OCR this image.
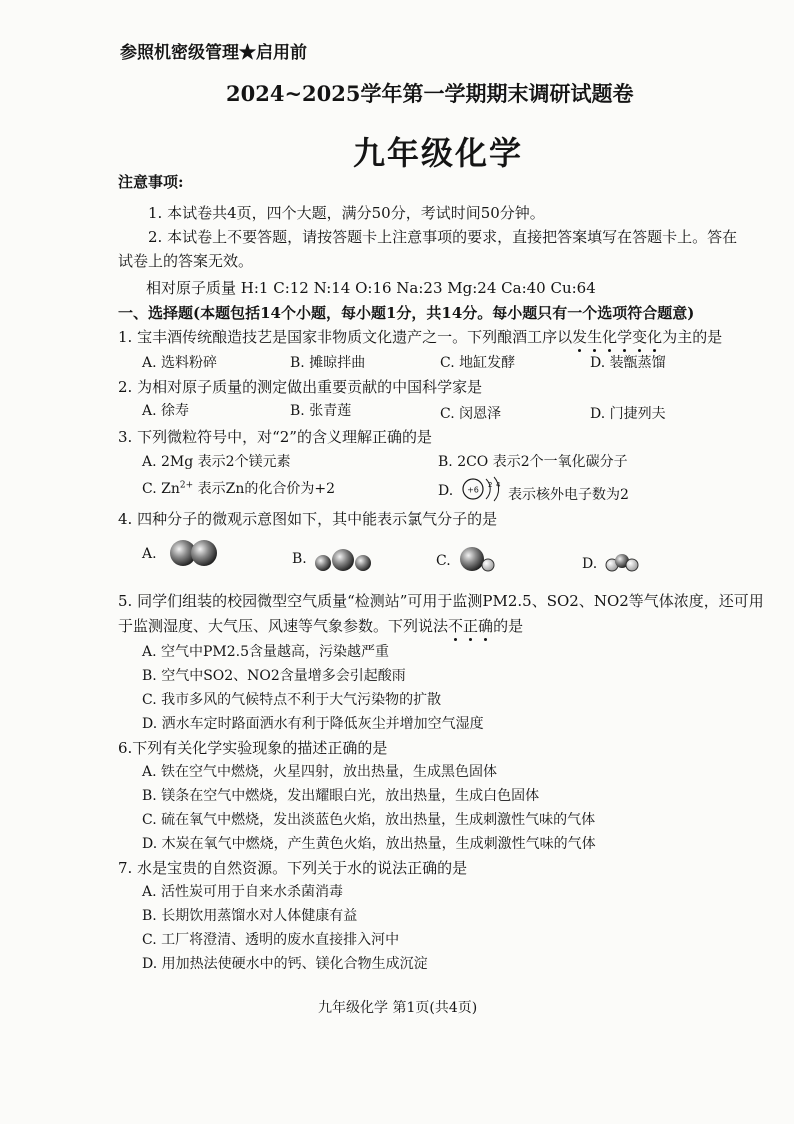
参照机密级管理★启用前
2024~2025学年第一学期期末调研试题卷
九年级化学
注意事项:
1. 本试卷共4页，四个大题，满分50分，考试时间50分钟。
2. 本试卷上不要答题，请按答题卡上注意事项的要求，直接把答案填写在答题卡上。答在
试卷上的答案无效。
相对原子质量 H:1 C:12 N:14 O:16 Na:23 Mg:24 Ca:40 Cu:64
一、选择题(本题包括14个小题，每小题1分，共14分。每小题只有一个选项符合题意)
1. 宝丰酒传统酿造技艺是国家非物质文化遗产之一。下列酿酒工序以发生化学变化为主的是
A. 选料粉碎	B. 摊晾拌曲	C. 地缸发酵	D. 装甑蒸馏
2. 为相对原子质量的测定做出重要贡献的中国科学家是
A. 徐寿	B. 张青莲	C. 闵恩泽	D. 门捷列夫
3. 下列微粒符号中，对“2”的含义理解正确的是
A. 2Mg 表示2个镁元素	B. 2CO 表示2个一氧化碳分子
C. $Zn^{2+}$ 表示Zn的化合价为+2	D. +6
2 4
表示核外电子数为2
4. 四种分子的微观示意图如下，其中能表示氯气分子的是
A.	B.	C.	D.
5. 同学们组装的校园微型空气质量“检测站”可用于监测PM2.5、SO2、NO2等气体浓度，还可用
于监测湿度、大气压、风速等气象参数。下列说法不正确的是
A. 空气中PM2.5含量越高，污染越严重
B. 空气中SO2、NO2含量增多会引起酸雨
C. 我市多风的气候特点不利于大气污染物的扩散
D. 洒水车定时路面洒水有利于降低灰尘并增加空气湿度
6.下列有关化学实验现象的描述正确的是
A. 铁在空气中燃烧，火星四射，放出热量，生成黑色固体
B. 镁条在空气中燃烧，发出耀眼白光，放出热量，生成白色固体
C. 硫在氧气中燃烧，发出淡蓝色火焰，放出热量，生成刺激性气味的气体
D. 木炭在氧气中燃烧，产生黄色火焰，放出热量，生成刺激性气味的气体
7. 水是宝贵的自然资源。下列关于水的说法正确的是
A. 活性炭可用于自来水杀菌消毒
B. 长期饮用蒸馏水对人体健康有益
C. 工厂将澄清、透明的废水直接排入河中
D. 用加热法使硬水中的钙、镁化合物生成沉淀
九年级化学 第1页(共4页)
